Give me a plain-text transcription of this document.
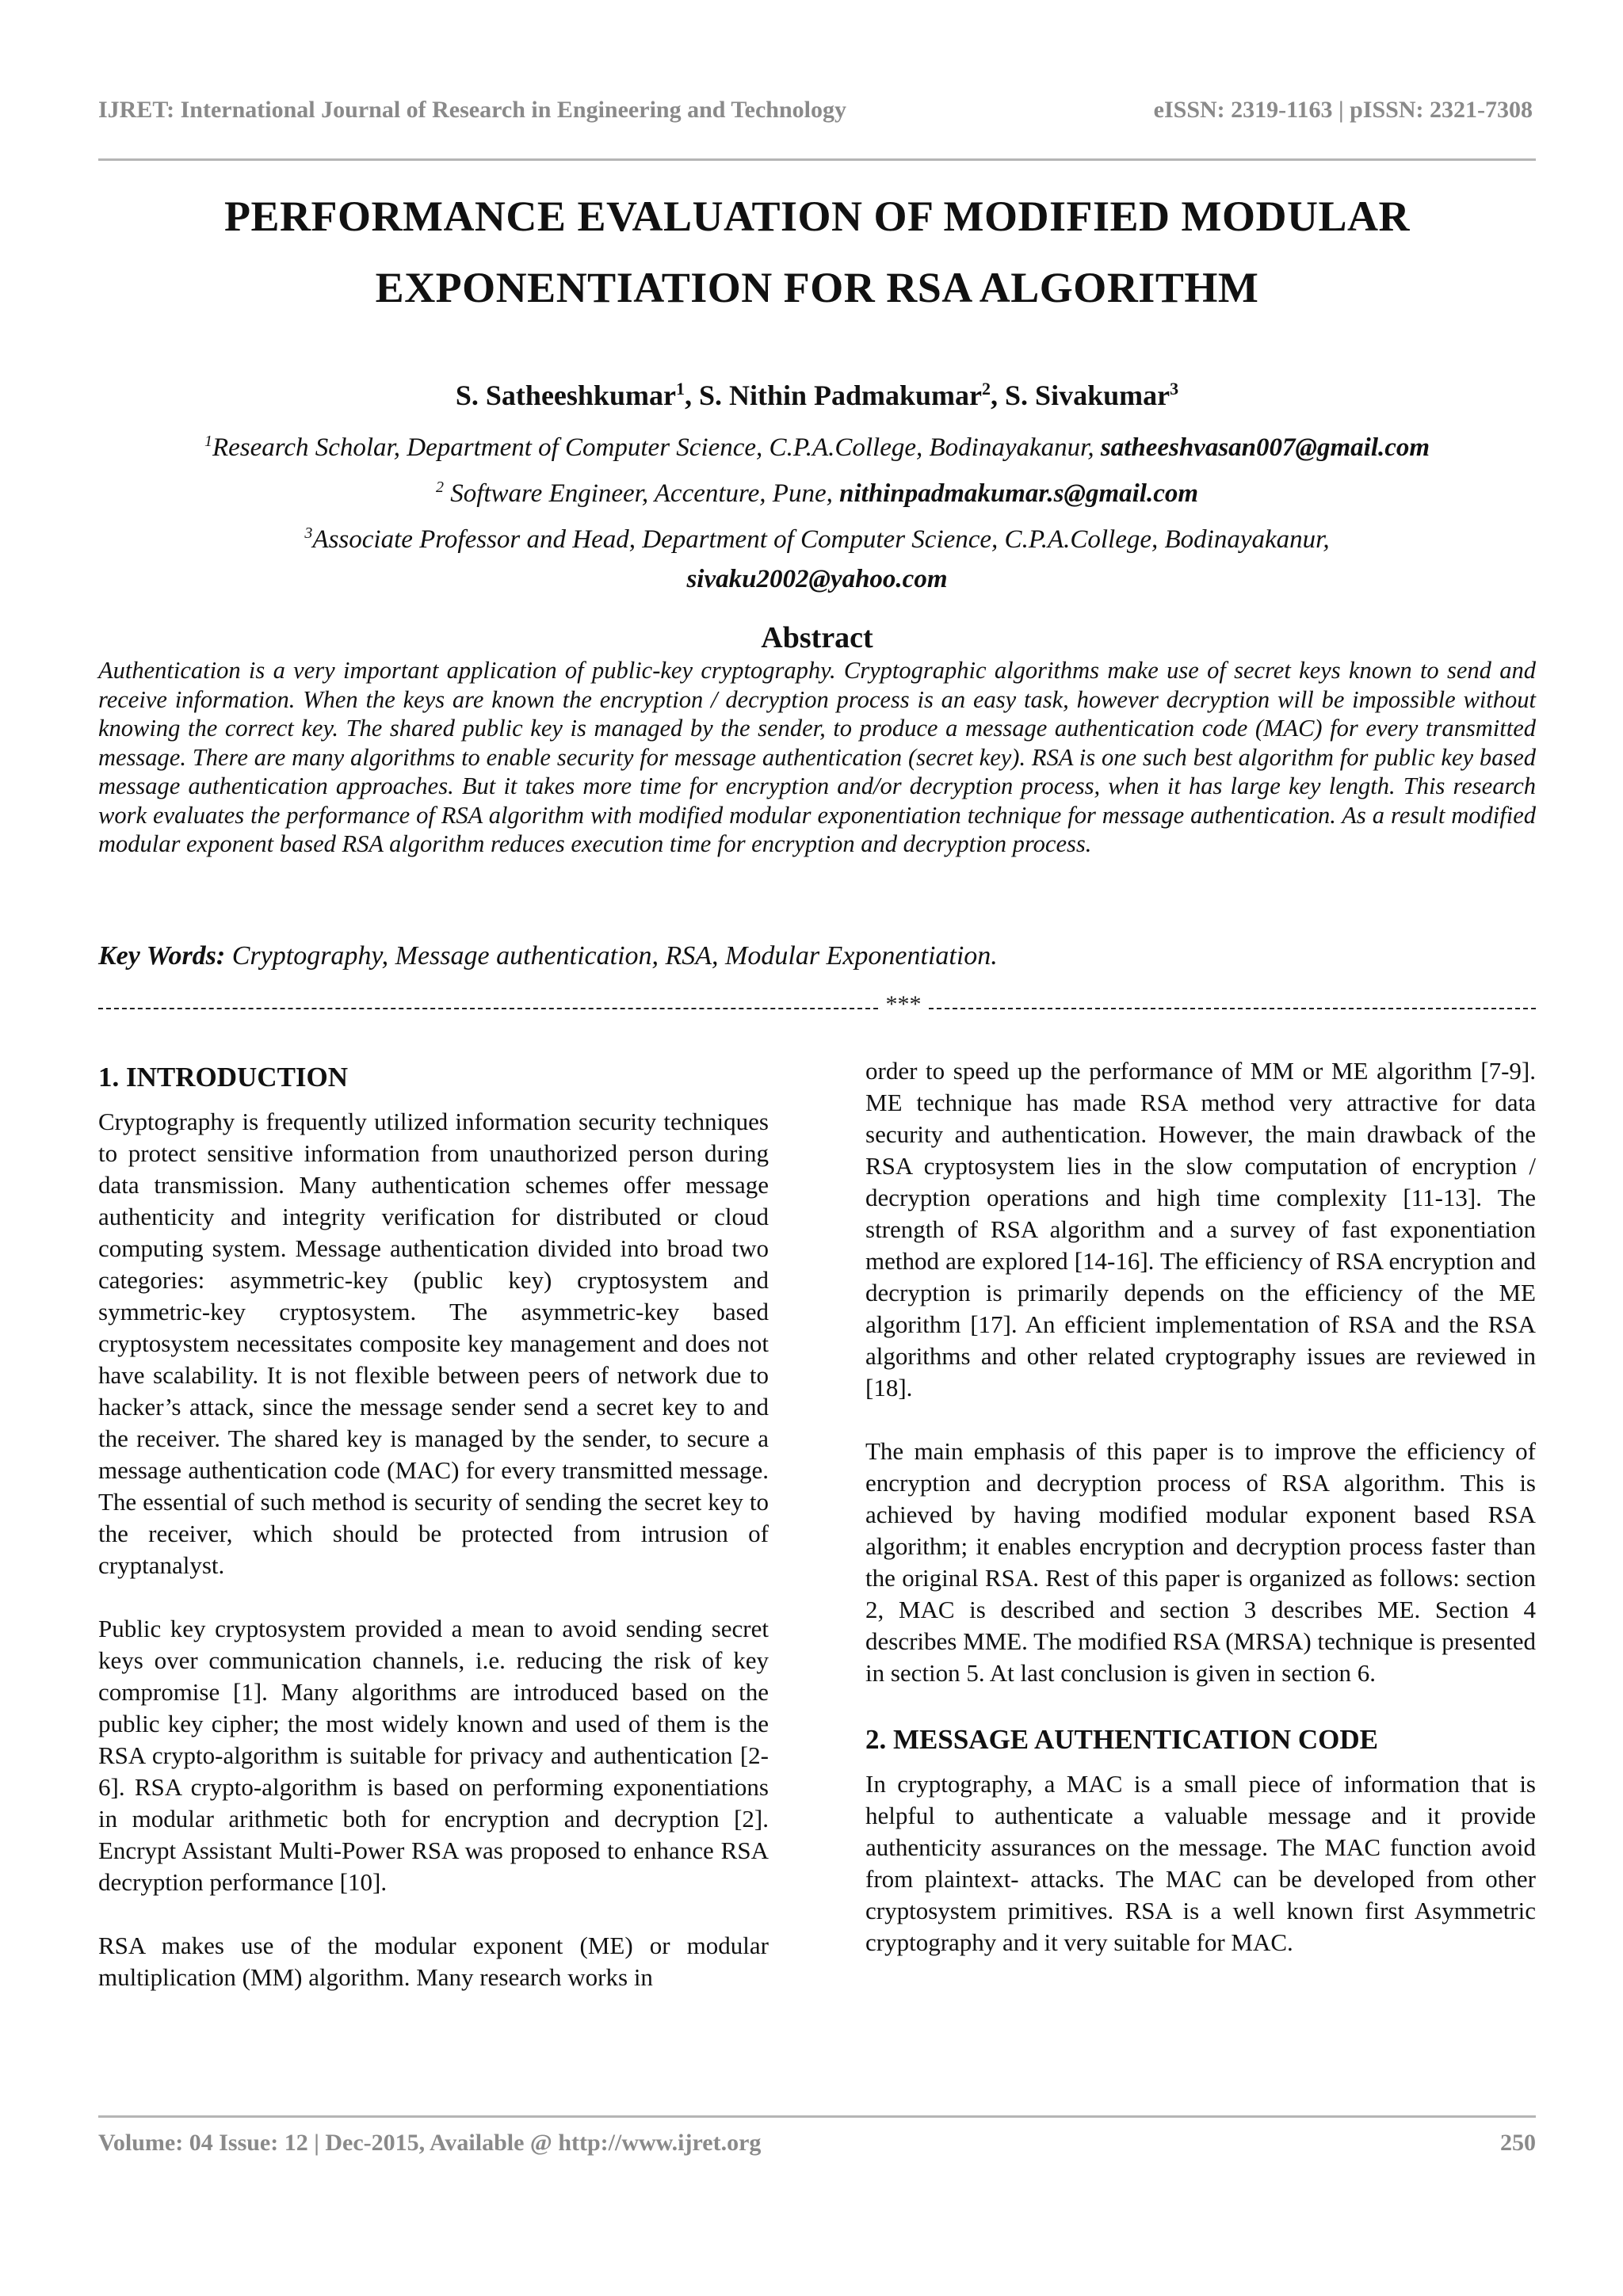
IJRET: International Journal of Research in Engineering and Technology	eISSN: 2319-1163 | pISSN: 2321-7308
PERFORMANCE EVALUATION OF MODIFIED MODULAR
EXPONENTIATION FOR RSA ALGORITHM
S. Satheeshkumar$^1$, S. Nithin Padmakumar$^2$, S. Sivakumar$^3$
$^1$Research Scholar, Department of Computer Science, C.P.A.College, Bodinayakanur, satheeshvasan007@gmail.com
$^2$ Software Engineer, Accenture, Pune, nithinpadmakumar.s@gmail.com
$^3$Associate Professor and Head, Department of Computer Science, C.P.A.College, Bodinayakanur,
sivaku2002@yahoo.com
Abstract
Authentication is a very important application of public-key cryptography. Cryptographic algorithms make use of secret keys known to send and receive information. When the keys are known the encryption / decryption process is an easy task, however decryption will be impossible without knowing the correct key. The shared public key is managed by the sender, to produce a message authentication code (MAC) for every transmitted message. There are many algorithms to enable security for message authentication (secret key). RSA is one such best algorithm for public key based message authentication approaches. But it takes more time for encryption and/or decryption process, when it has large key length. This research work evaluates the performance of RSA algorithm with modified modular exponentiation technique for message authentication. As a result modified modular exponent based RSA algorithm reduces execution time for encryption and decryption process.
Key Words: Cryptography, Message authentication, RSA, Modular Exponentiation.
***
1. INTRODUCTION

Cryptography is frequently utilized information security techniques to protect sensitive information from unauthorized person during data transmission. Many authentication schemes offer message authenticity and integrity verification for distributed or cloud computing system. Message authentication divided into broad two categories: asymmetric-key (public key) cryptosystem and symmetric-key cryptosystem. The asymmetric-key based cryptosystem necessitates composite key management and does not have scalability. It is not flexible between peers of network due to hacker’s attack, since the message sender send a secret key to and the receiver. The shared key is managed by the sender, to secure a message authentication code (MAC) for every transmitted message. The essential of such method is security of sending the secret key to the receiver, which should be protected from intrusion of cryptanalyst.

Public key cryptosystem provided a mean to avoid sending secret keys over communication channels, i.e. reducing the risk of key compromise [1]. Many algorithms are introduced based on the public key cipher; the most widely known and used of them is the RSA crypto-algorithm is suitable for privacy and authentication [2-6]. RSA crypto-algorithm is based on performing exponentiations in modular arithmetic both for encryption and decryption [2]. Encrypt Assistant Multi-Power RSA was proposed to enhance RSA decryption performance [10].

RSA makes use of the modular exponent (ME) or modular multiplication (MM) algorithm. Many research works in

order to speed up the performance of MM or ME algorithm [7-9]. ME technique has made RSA method very attractive for data security and authentication. However, the main drawback of the RSA cryptosystem lies in the slow computation of encryption / decryption operations and high time complexity [11-13]. The strength of RSA algorithm and a survey of fast exponentiation method are explored [14-16]. The efficiency of RSA encryption and decryption is primarily depends on the efficiency of the ME algorithm [17]. An efficient implementation of RSA and the RSA algorithms and other related cryptography issues are reviewed in [18].

The main emphasis of this paper is to improve the efficiency of encryption and decryption process of RSA algorithm. This is achieved by having modified modular exponent based RSA algorithm; it enables encryption and decryption process faster than the original RSA. Rest of this paper is organized as follows: section 2, MAC is described and section 3 describes ME. Section 4 describes MME. The modified RSA (MRSA) technique is presented in section 5. At last conclusion is given in section 6.

2. MESSAGE AUTHENTICATION CODE

In cryptography, a MAC is a small piece of information that is helpful to authenticate a valuable message and it provide authenticity assurances on the message. The MAC function avoid from plaintext- attacks. The MAC can be developed from other cryptosystem primitives. RSA is a well known first Asymmetric cryptography and it very suitable for MAC.

Volume: 04 Issue: 12 | Dec-2015, Available @ http://www.ijret.org	250
